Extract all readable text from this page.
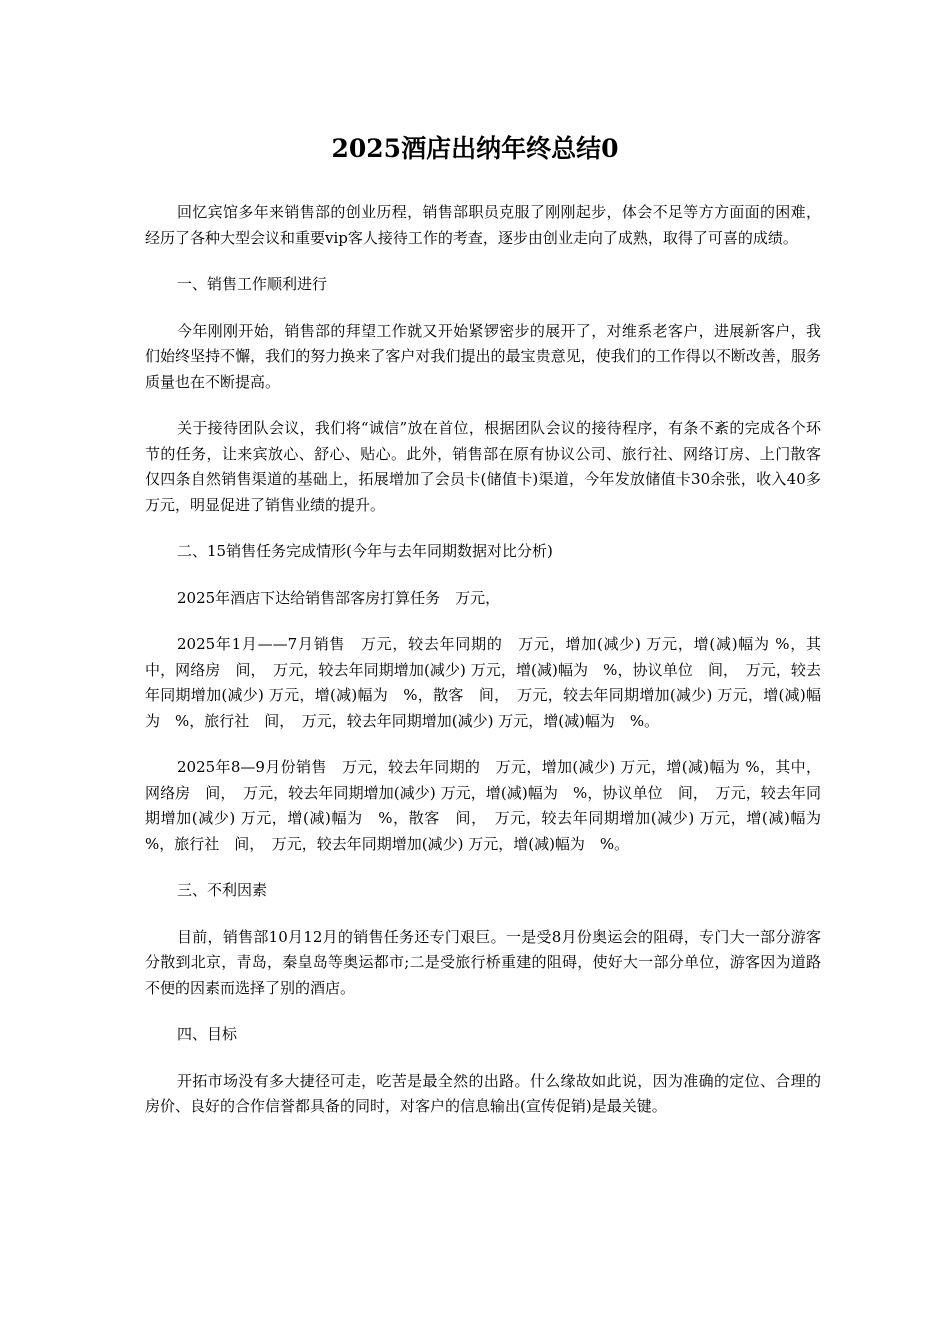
2025酒店出纳年终总结0

回忆宾馆多年来销售部的创业历程，销售部职员克服了刚刚起步，体会不足等方方面面的困难，经历了各种大型会议和重要vip客人接待工作的考查，逐步由创业走向了成熟，取得了可喜的成绩。

一、销售工作顺利进行

今年刚刚开始，销售部的拜望工作就又开始紧锣密步的展开了，对维系老客户，进展新客户，我们始终坚持不懈，我们的努力换来了客户对我们提出的最宝贵意见，使我们的工作得以不断改善，服务质量也在不断提高。

关于接待团队会议，我们将“诚信”放在首位，根据团队会议的接待程序，有条不紊的完成各个环节的任务，让来宾放心、舒心、贴心。此外，销售部在原有协议公司、旅行社、网络订房、上门散客 仅四条自然销售渠道的基础上，拓展增加了会员卡(储值卡)渠道，今年发放储值卡30余张，收入40多万元，明显促进了销售业绩的提升。

二、15销售任务完成情形(今年与去年同期数据对比分析)

2025年酒店下达给销售部客房打算任务　万元，

2025年1月——7月销售　万元，较去年同期的　万元，增加(减少) 万元，增(减)幅为 %，其中，网络房　间，　万元，较去年同期增加(减少) 万元，增(减)幅为　%，协议单位　间，　万元，较去年同期增加(减少) 万元，增(减)幅为　%，散客　间，　万元，较去年同期增加(减少) 万元，增(减)幅为　%，旅行社　间，　万元，较去年同期增加(减少) 万元，增(减)幅为　%。

2025年8—9月份销售　万元，较去年同期的　万元，增加(减少) 万元，增(减)幅为 %，其中，网络房　间，　万元，较去年同期增加(减少) 万元，增(减)幅为　%，协议单位　间，　万元，较去年同期增加(减少) 万元，增(减)幅为　%，散客　间，　万元，较去年同期增加(减少) 万元，增(减)幅为　%，旅行社　间，　万元，较去年同期增加(减少) 万元，增(减)幅为　%。

三、不利因素

目前，销售部10月12月的销售任务还专门艰巨。一是受8月份奥运会的阻碍，专门大一部分游客分散到北京，青岛，秦皇岛等奥运都市;二是受旅行桥重建的阻碍，使好大一部分单位，游客因为道路不便的因素而选择了别的酒店。

四、目标

开拓市场没有多大捷径可走，吃苦是最全然的出路。什么缘故如此说，因为准确的定位、合理的房价、良好的合作信誉都具备的同时，对客户的信息输出(宣传促销)是最关键。
